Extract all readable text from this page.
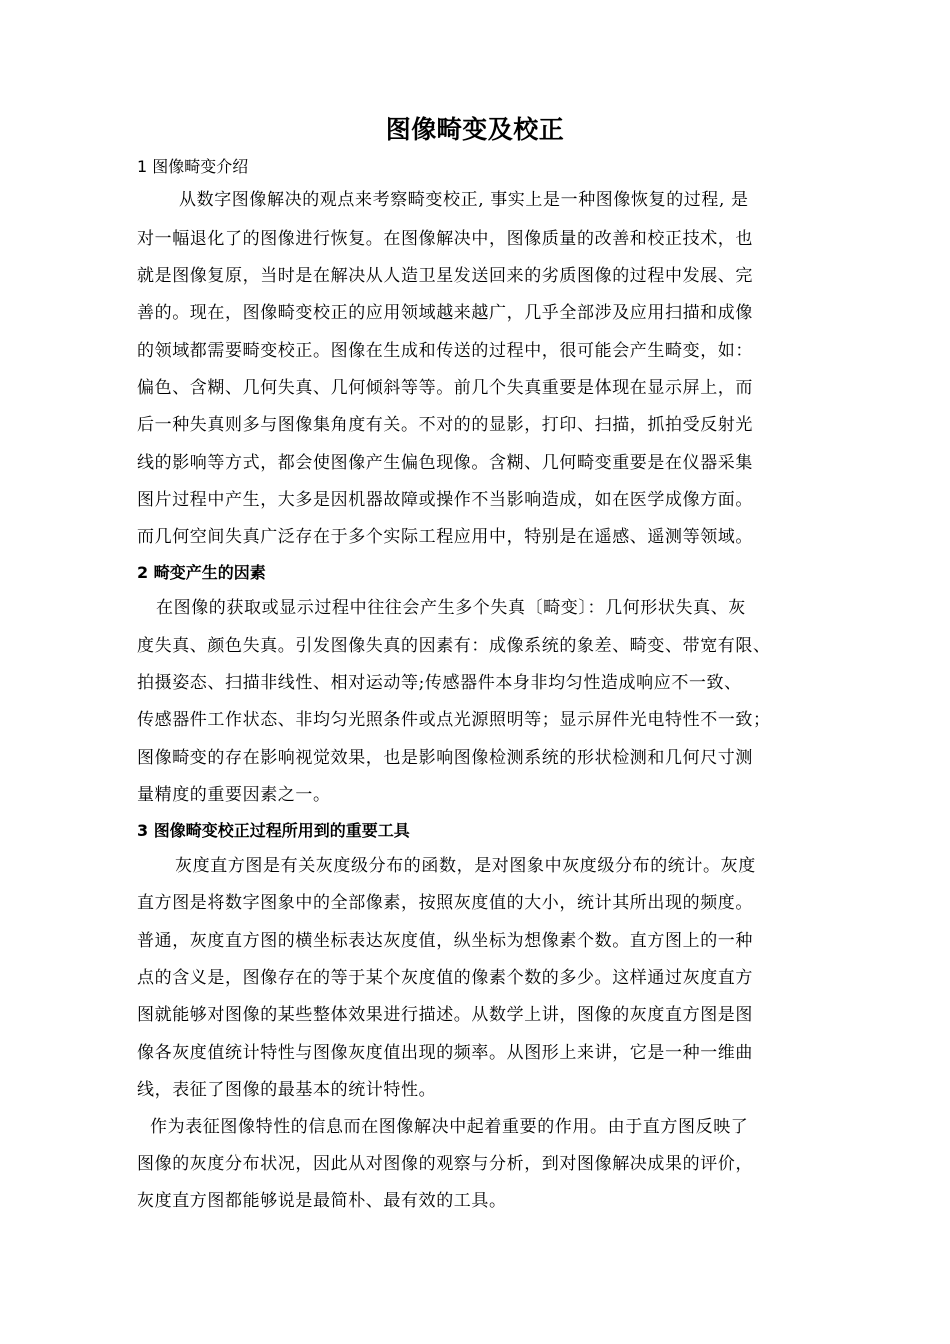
图像畸变及校正
1 图像畸变介绍
从数字图像解决的观点来考察畸变校正, 事实上是一种图像恢复的过程, 是
对一幅退化了的图像进行恢复。在图像解决中，图像质量的改善和校正技术，也
就是图像复原，当时是在解决从人造卫星发送回来的劣质图像的过程中发展、完
善的。现在，图像畸变校正的应用领域越来越广，几乎全部涉及应用扫描和成像
的领域都需要畸变校正。图像在生成和传送的过程中，很可能会产生畸变，如：
偏色、含糊、几何失真、几何倾斜等等。前几个失真重要是体现在显示屏上，而
后一种失真则多与图像集角度有关。不对的的显影，打印、扫描，抓拍受反射光
线的影响等方式，都会使图像产生偏色现像。含糊、几何畸变重要是在仪器采集
图片过程中产生，大多是因机器故障或操作不当影响造成，如在医学成像方面。
而几何空间失真广泛存在于多个实际工程应用中，特别是在遥感、遥测等领域。
2 畸变产生的因素
在图像的获取或显示过程中往往会产生多个失真〔畸变〕：几何形状失真、灰
度失真、颜色失真。引发图像失真的因素有：成像系统的象差、畸变、带宽有限、
拍摄姿态、扫描非线性、相对运动等;传感器件本身非均匀性造成响应不一致、
传感器件工作状态、非均匀光照条件或点光源照明等；显示屏件光电特性不一致；
图像畸变的存在影响视觉效果，也是影响图像检测系统的形状检测和几何尺寸测
量精度的重要因素之一。
3 图像畸变校正过程所用到的重要工具
灰度直方图是有关灰度级分布的函数，是对图象中灰度级分布的统计。灰度
直方图是将数字图象中的全部像素，按照灰度值的大小，统计其所出现的频度。
普通，灰度直方图的横坐标表达灰度值，纵坐标为想像素个数。直方图上的一种
点的含义是，图像存在的等于某个灰度值的像素个数的多少。这样通过灰度直方
图就能够对图像的某些整体效果进行描述。从数学上讲，图像的灰度直方图是图
像各灰度值统计特性与图像灰度值出现的频率。从图形上来讲，它是一种一维曲
线，表征了图像的最基本的统计特性。
作为表征图像特性的信息而在图像解决中起着重要的作用。由于直方图反映了
图像的灰度分布状况，因此从对图像的观察与分析，到对图像解决成果的评价，
灰度直方图都能够说是最简朴、最有效的工具。
